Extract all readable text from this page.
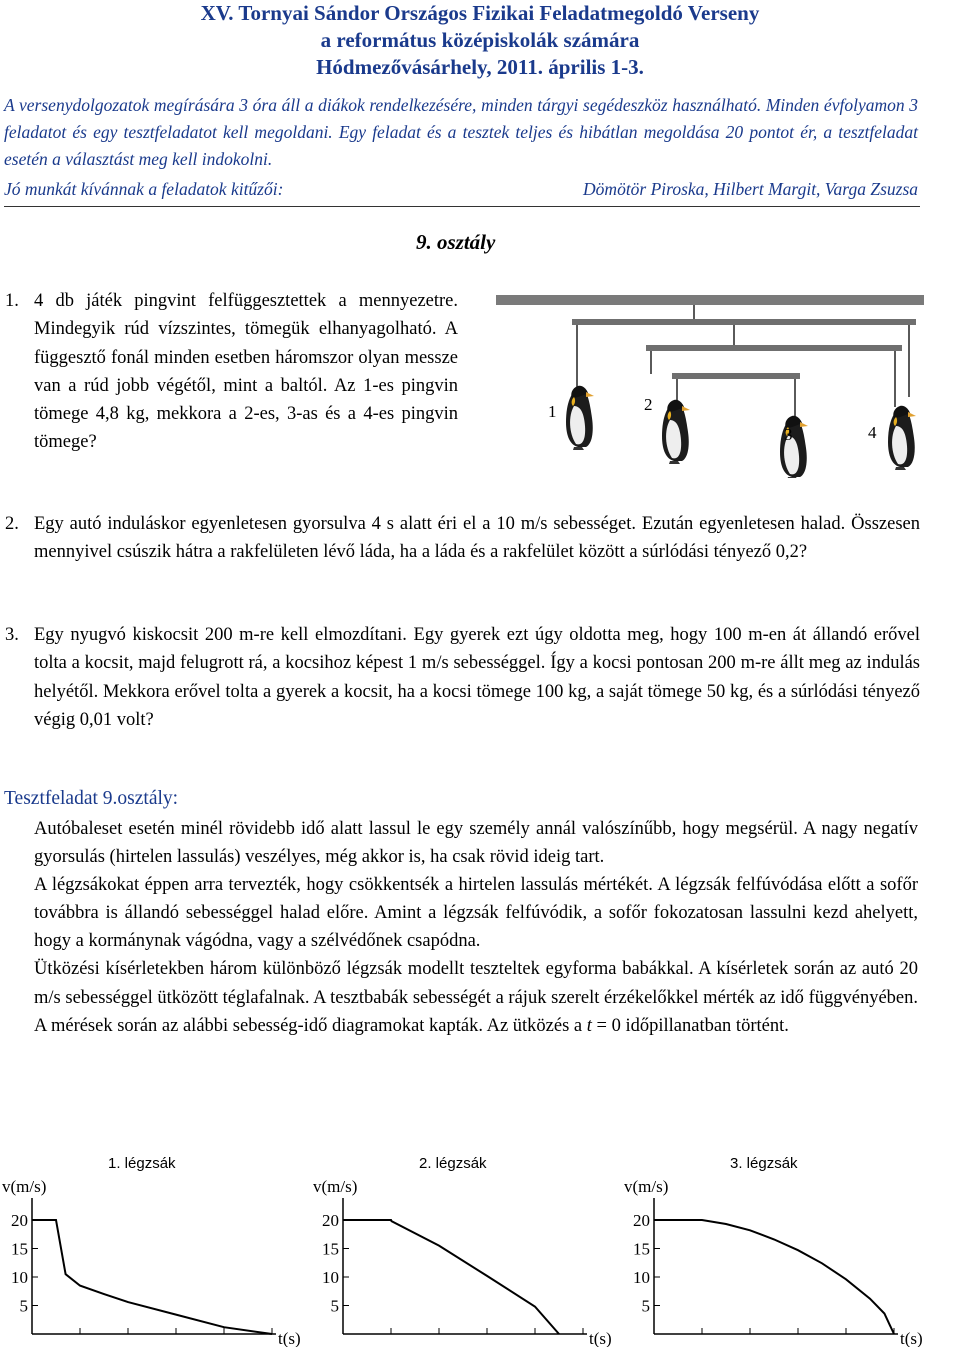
XV. Tornyai Sándor Országos Fizikai Feladatmegoldó Verseny
a református középiskolák számára
Hódmezővásárhely, 2011. április 1-3.

A versenydolgozatok megírására 3 óra áll a diákok rendelkezésére, minden tárgyi segédeszköz használható. Minden évfolyamon 3 feladatot és egy tesztfeladatot kell megoldani. Egy feladat és a tesztek teljes és hibátlan megoldása 20 pontot ér, a tesztfeladat esetén a választást meg kell indokolni.

Jó munkát kívánnak a feladatok kitűzői:	Dömötör Piroska, Hilbert Margit, Varga Zsuzsa
9. osztály
1. 4 db játék pingvint felfüggesztettek a mennyezetre. Mindegyik rúd vízszintes, tömegük elhanyagolható. A függesztő fonál minden esetben háromszor olyan messze van a rúd jobb végétől, mint a baltól. Az 1-es pingvin tömege 4,8 kg, mekkora a 2-es, 3-as és a 4-es pingvin tömege?
1	2
3	4
2. Egy autó induláskor egyenletesen gyorsulva 4 s alatt éri el a 10 m/s sebességet. Ezután egyenletesen halad. Összesen mennyivel csúszik hátra a rakfelületen lévő láda, ha a láda és a rakfelület között a súrlódási tényező 0,2?
3. Egy nyugvó kiskocsit 200 m-re kell elmozdítani. Egy gyerek ezt úgy oldotta meg, hogy 100 m-en át állandó erővel tolta a kocsit, majd felugrott rá, a kocsihoz képest 1 m/s sebességgel. Így a kocsi pontosan 200 m-re állt meg az indulás helyétől. Mekkora erővel tolta a gyerek a kocsit, ha a kocsi tömege 100 kg, a saját tömege 50 kg, és a súrlódási tényező végig 0,01 volt?
Tesztfeladat 9.osztály:

Autóbaleset esetén minél rövidebb idő alatt lassul le egy személy annál valószínűbb, hogy megsérül. A nagy negatív gyorsulás (hirtelen lassulás) veszélyes, még akkor is, ha csak rövid ideig tart.

A légzsákokat éppen arra tervezték, hogy csökkentsék a hirtelen lassulás mértékét. A légzsák felfúvódása előtt a sofőr továbbra is állandó sebességgel halad előre. Amint a légzsák felfúvódik, a sofőr fokozatosan lassulni kezd ahelyett, hogy a kormánynak vágódna, vagy a szélvédőnek csapódna.

Ütközési kísérletekben három különböző légzsák modellt teszteltek egyforma babákkal. A kísérletek során az autó 20 m/s sebességgel ütközött téglafalnak. A tesztbabák sebességét a rájuk szerelt érzékelőkkel mérték az idő függvényében. A mérések során az alábbi sebesség-idő diagramokat kapták. Az ütközés a t = 0 időpillanatban történt.

1. légzsák
v(m/s)
t(s)
20
15
10
5
2. légzsák
v(m/s)
t(s)
20
15
10
5
3. légzsák
v(m/s)
t(s)
20
15
10
5
